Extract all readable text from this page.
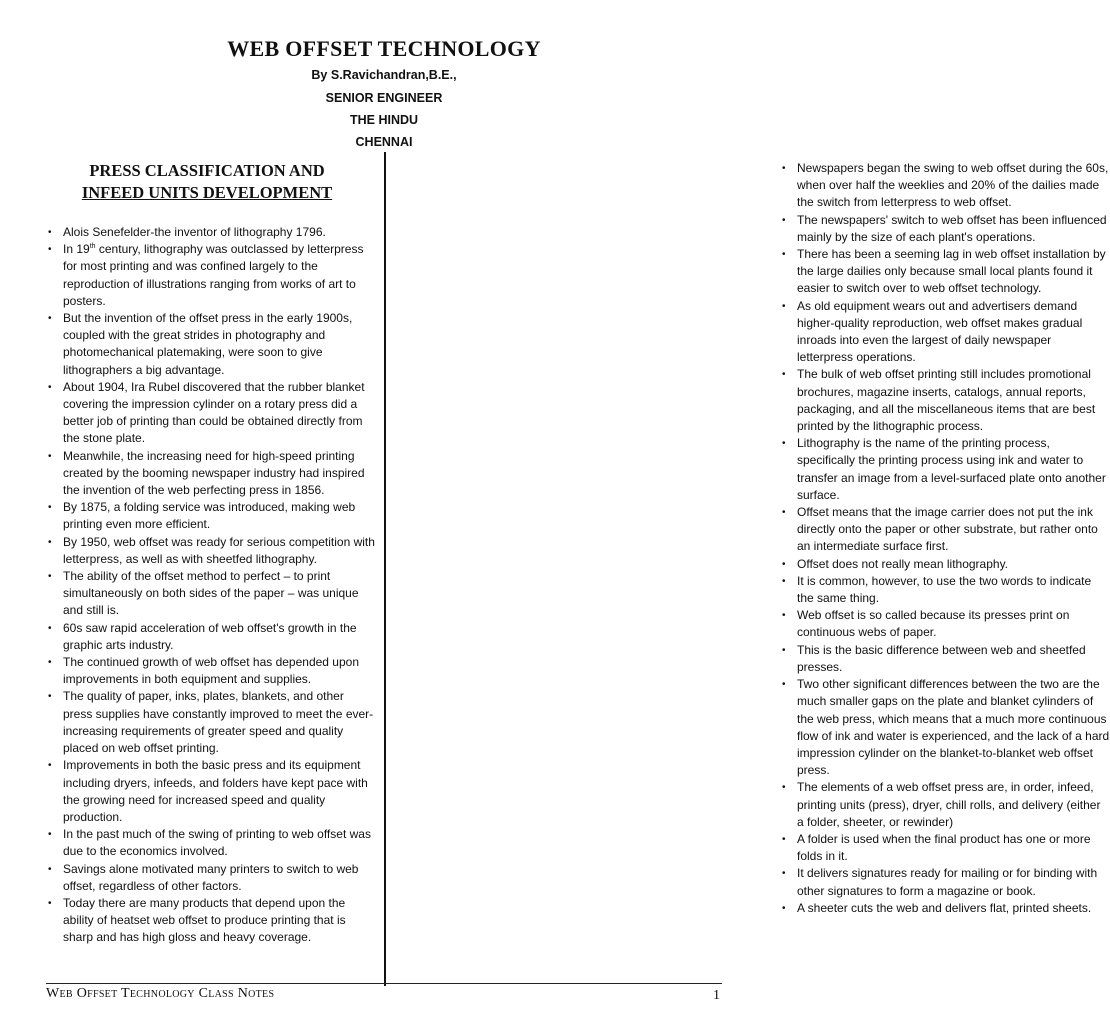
WEB OFFSET TECHNOLOGY
By S.Ravichandran,B.E.,
SENIOR ENGINEER
THE HINDU
CHENNAI
PRESS CLASSIFICATION AND
INFEED UNITS DEVELOPMENT
• Alois Senefelder-the inventor of lithography 1796.
• In 19th century, lithography was outclassed by letterpress for most printing and was confined largely to the reproduction of illustrations ranging from works of art to posters.
• But the invention of the offset press in the early 1900s, coupled with the great strides in photography and photomechanical platemaking, were soon to give lithographers a big advantage.
• About 1904, Ira Rubel discovered that the rubber blanket covering the impression cylinder on a rotary press did a better job of printing than could be obtained directly from the stone plate.
• Meanwhile, the increasing need for high-speed printing created by the booming newspaper industry had inspired the invention of the web perfecting press in 1856.
• By 1875, a folding service was introduced, making web printing even more efficient.
• By 1950, web offset was ready for serious competition with letterpress, as well as with sheetfed lithography.
• The ability of the offset method to perfect – to print simultaneously on both sides of the paper – was unique and still is.
• 60s saw rapid acceleration of web offset's growth in the graphic arts industry.
• The continued growth of web offset has depended upon improvements in both equipment and supplies.
• The quality of paper, inks, plates, blankets, and other press supplies have constantly improved to meet the ever-increasing requirements of greater speed and quality placed on web offset printing.
• Improvements in both the basic press and its equipment including dryers, infeeds, and folders have kept pace with the growing need for increased speed and quality production.
• In the past much of the swing of printing to web offset was due to the economics involved.
• Savings alone motivated many printers to switch to web offset, regardless of other factors.
• Today there are many products that depend upon the ability of heatset web offset to produce printing that is sharp and has high gloss and heavy coverage.
• Newspapers began the swing to web offset during the 60s, when over half the weeklies and 20% of the dailies made the switch from letterpress to web offset.
• The newspapers' switch to web offset has been influenced mainly by the size of each plant's operations.
• There has been a seeming lag in web offset installation by the large dailies only because small local plants found it easier to switch over to web offset technology.
• As old equipment wears out and advertisers demand higher-quality reproduction, web offset makes gradual inroads into even the largest of daily newspaper letterpress operations.
• The bulk of web offset printing still includes promotional brochures, magazine inserts, catalogs, annual reports, packaging, and all the miscellaneous items that are best printed by the lithographic process.
• Lithography is the name of the printing process, specifically the printing process using ink and water to transfer an image from a level-surfaced plate onto another surface.
• Offset means that the image carrier does not put the ink directly onto the paper or other substrate, but rather onto an intermediate surface first.
• Offset does not really mean lithography.
• It is common, however, to use the two words to indicate the same thing.
• Web offset is so called because its presses print on continuous webs of paper.
• This is the basic difference between web and sheetfed presses.
• Two other significant differences between the two are the much smaller gaps on the plate and blanket cylinders of the web press, which means that a much more continuous flow of ink and water is experienced, and the lack of a hard impression cylinder on the blanket-to-blanket web offset press.
• The elements of a web offset press are, in order, infeed, printing units (press), dryer, chill rolls, and delivery (either a folder, sheeter, or rewinder)
• A folder is used when the final product has one or more folds in it.
• It delivers signatures ready for mailing or for binding with other signatures to form a magazine or book.
• A sheeter cuts the web and delivers flat, printed sheets.
Web Offset Technology Class Notes	1
